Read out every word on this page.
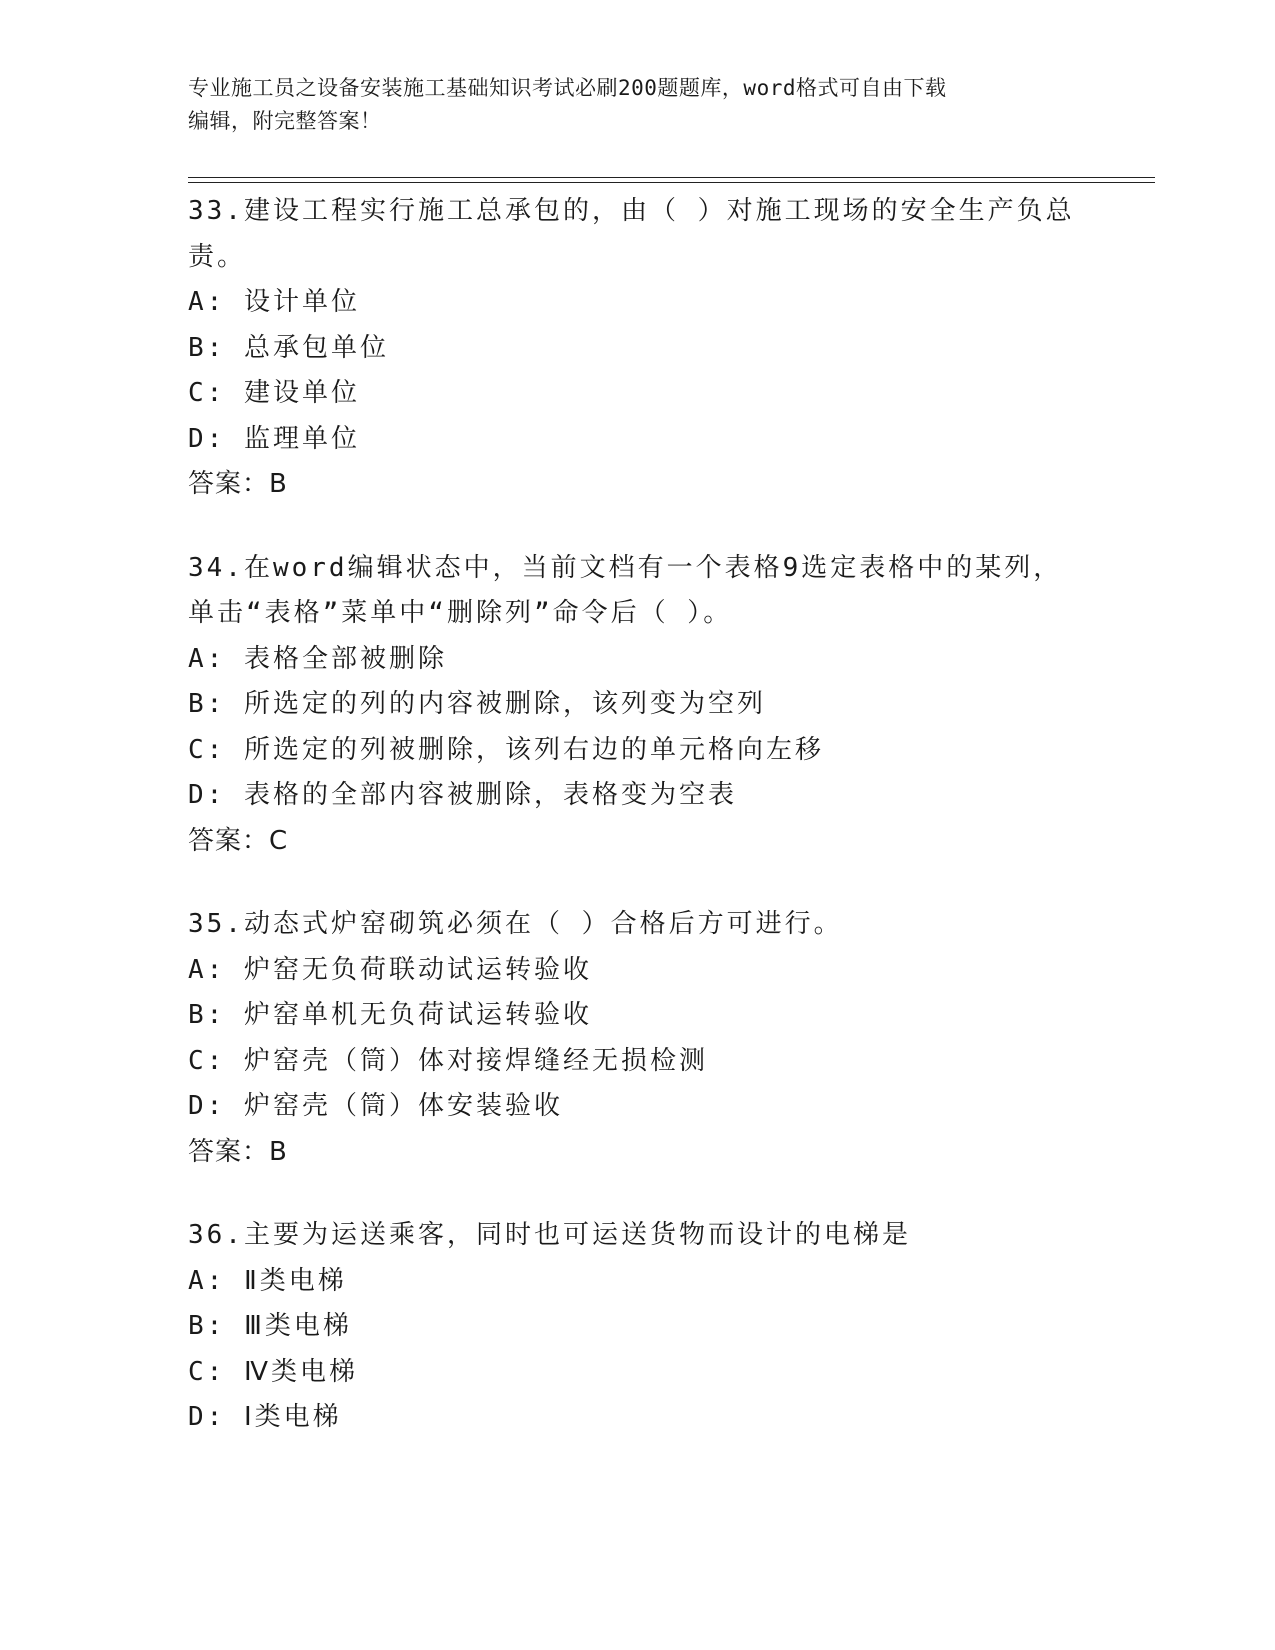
专业施工员之设备安装施工基础知识考试必刷200题题库，word格式可自由下载
编辑，附完整答案！
33.建设工程实行施工总承包的，由（ ）对施工现场的安全生产负总
责。
A: 设计单位
B: 总承包单位
C: 建设单位
D: 监理单位
答案：B
34.在word编辑状态中，当前文档有一个表格9选定表格中的某列，
单击“表格”菜单中“删除列”命令后（ ）。
A: 表格全部被删除
B: 所选定的列的内容被删除，该列变为空列
C: 所选定的列被删除，该列右边的单元格向左移
D: 表格的全部内容被删除，表格变为空表
答案：C
35.动态式炉窑砌筑必须在（ ）合格后方可进行。
A: 炉窑无负荷联动试运转验收
B: 炉窑单机无负荷试运转验收
C: 炉窑壳（筒）体对接焊缝经无损检测
D: 炉窑壳（筒）体安装验收
答案：B
36.主要为运送乘客，同时也可运送货物而设计的电梯是
A: Ⅱ类电梯
B: Ⅲ类电梯
C: Ⅳ类电梯
D: Ⅰ类电梯
